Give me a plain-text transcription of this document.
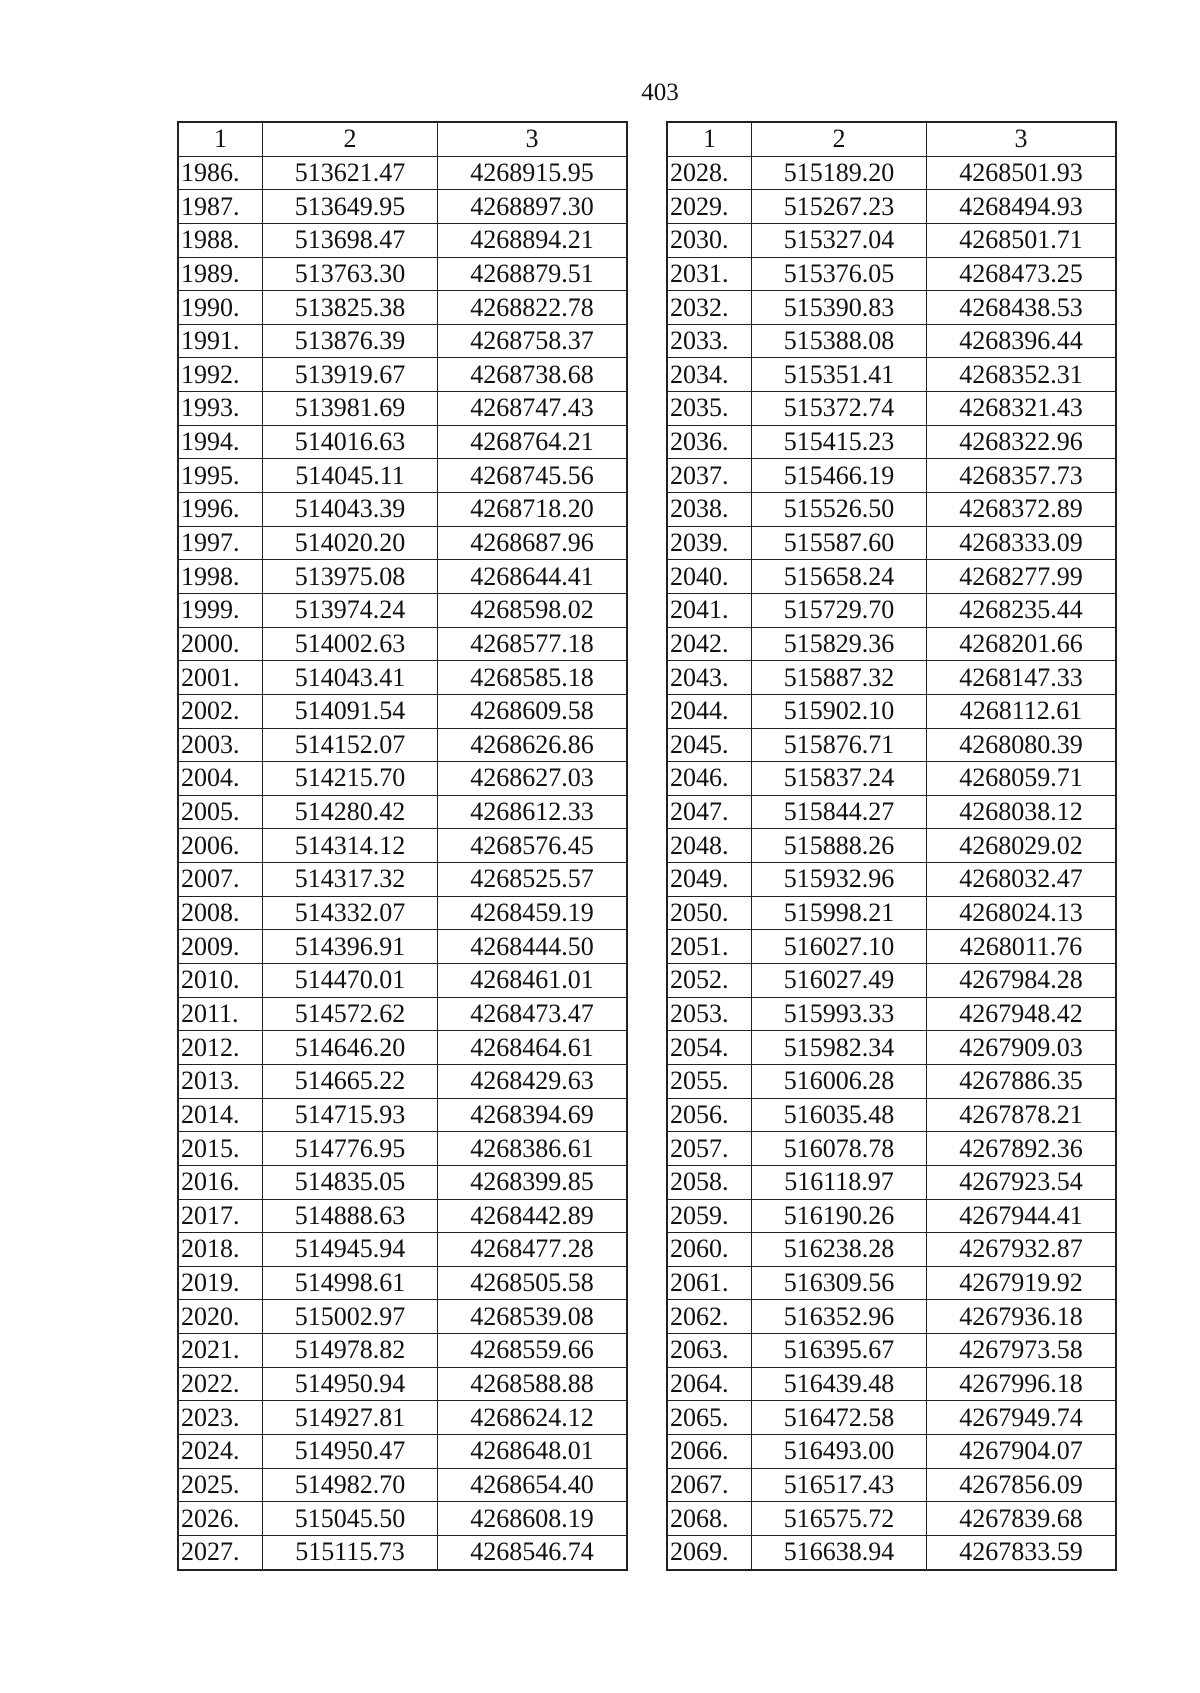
403
1	2	3
1986.	513621.47	4268915.95
1987.	513649.95	4268897.30
1988.	513698.47	4268894.21
1989.	513763.30	4268879.51
1990.	513825.38	4268822.78
1991.	513876.39	4268758.37
1992.	513919.67	4268738.68
1993.	513981.69	4268747.43
1994.	514016.63	4268764.21
1995.	514045.11	4268745.56
1996.	514043.39	4268718.20
1997.	514020.20	4268687.96
1998.	513975.08	4268644.41
1999.	513974.24	4268598.02
2000.	514002.63	4268577.18
2001.	514043.41	4268585.18
2002.	514091.54	4268609.58
2003.	514152.07	4268626.86
2004.	514215.70	4268627.03
2005.	514280.42	4268612.33
2006.	514314.12	4268576.45
2007.	514317.32	4268525.57
2008.	514332.07	4268459.19
2009.	514396.91	4268444.50
2010.	514470.01	4268461.01
2011.	514572.62	4268473.47
2012.	514646.20	4268464.61
2013.	514665.22	4268429.63
2014.	514715.93	4268394.69
2015.	514776.95	4268386.61
2016.	514835.05	4268399.85
2017.	514888.63	4268442.89
2018.	514945.94	4268477.28
2019.	514998.61	4268505.58
2020.	515002.97	4268539.08
2021.	514978.82	4268559.66
2022.	514950.94	4268588.88
2023.	514927.81	4268624.12
2024.	514950.47	4268648.01
2025.	514982.70	4268654.40
2026.	515045.50	4268608.19
2027.	515115.73	4268546.74
1	2	3
2028.	515189.20	4268501.93
2029.	515267.23	4268494.93
2030.	515327.04	4268501.71
2031.	515376.05	4268473.25
2032.	515390.83	4268438.53
2033.	515388.08	4268396.44
2034.	515351.41	4268352.31
2035.	515372.74	4268321.43
2036.	515415.23	4268322.96
2037.	515466.19	4268357.73
2038.	515526.50	4268372.89
2039.	515587.60	4268333.09
2040.	515658.24	4268277.99
2041.	515729.70	4268235.44
2042.	515829.36	4268201.66
2043.	515887.32	4268147.33
2044.	515902.10	4268112.61
2045.	515876.71	4268080.39
2046.	515837.24	4268059.71
2047.	515844.27	4268038.12
2048.	515888.26	4268029.02
2049.	515932.96	4268032.47
2050.	515998.21	4268024.13
2051.	516027.10	4268011.76
2052.	516027.49	4267984.28
2053.	515993.33	4267948.42
2054.	515982.34	4267909.03
2055.	516006.28	4267886.35
2056.	516035.48	4267878.21
2057.	516078.78	4267892.36
2058.	516118.97	4267923.54
2059.	516190.26	4267944.41
2060.	516238.28	4267932.87
2061.	516309.56	4267919.92
2062.	516352.96	4267936.18
2063.	516395.67	4267973.58
2064.	516439.48	4267996.18
2065.	516472.58	4267949.74
2066.	516493.00	4267904.07
2067.	516517.43	4267856.09
2068.	516575.72	4267839.68
2069.	516638.94	4267833.59
